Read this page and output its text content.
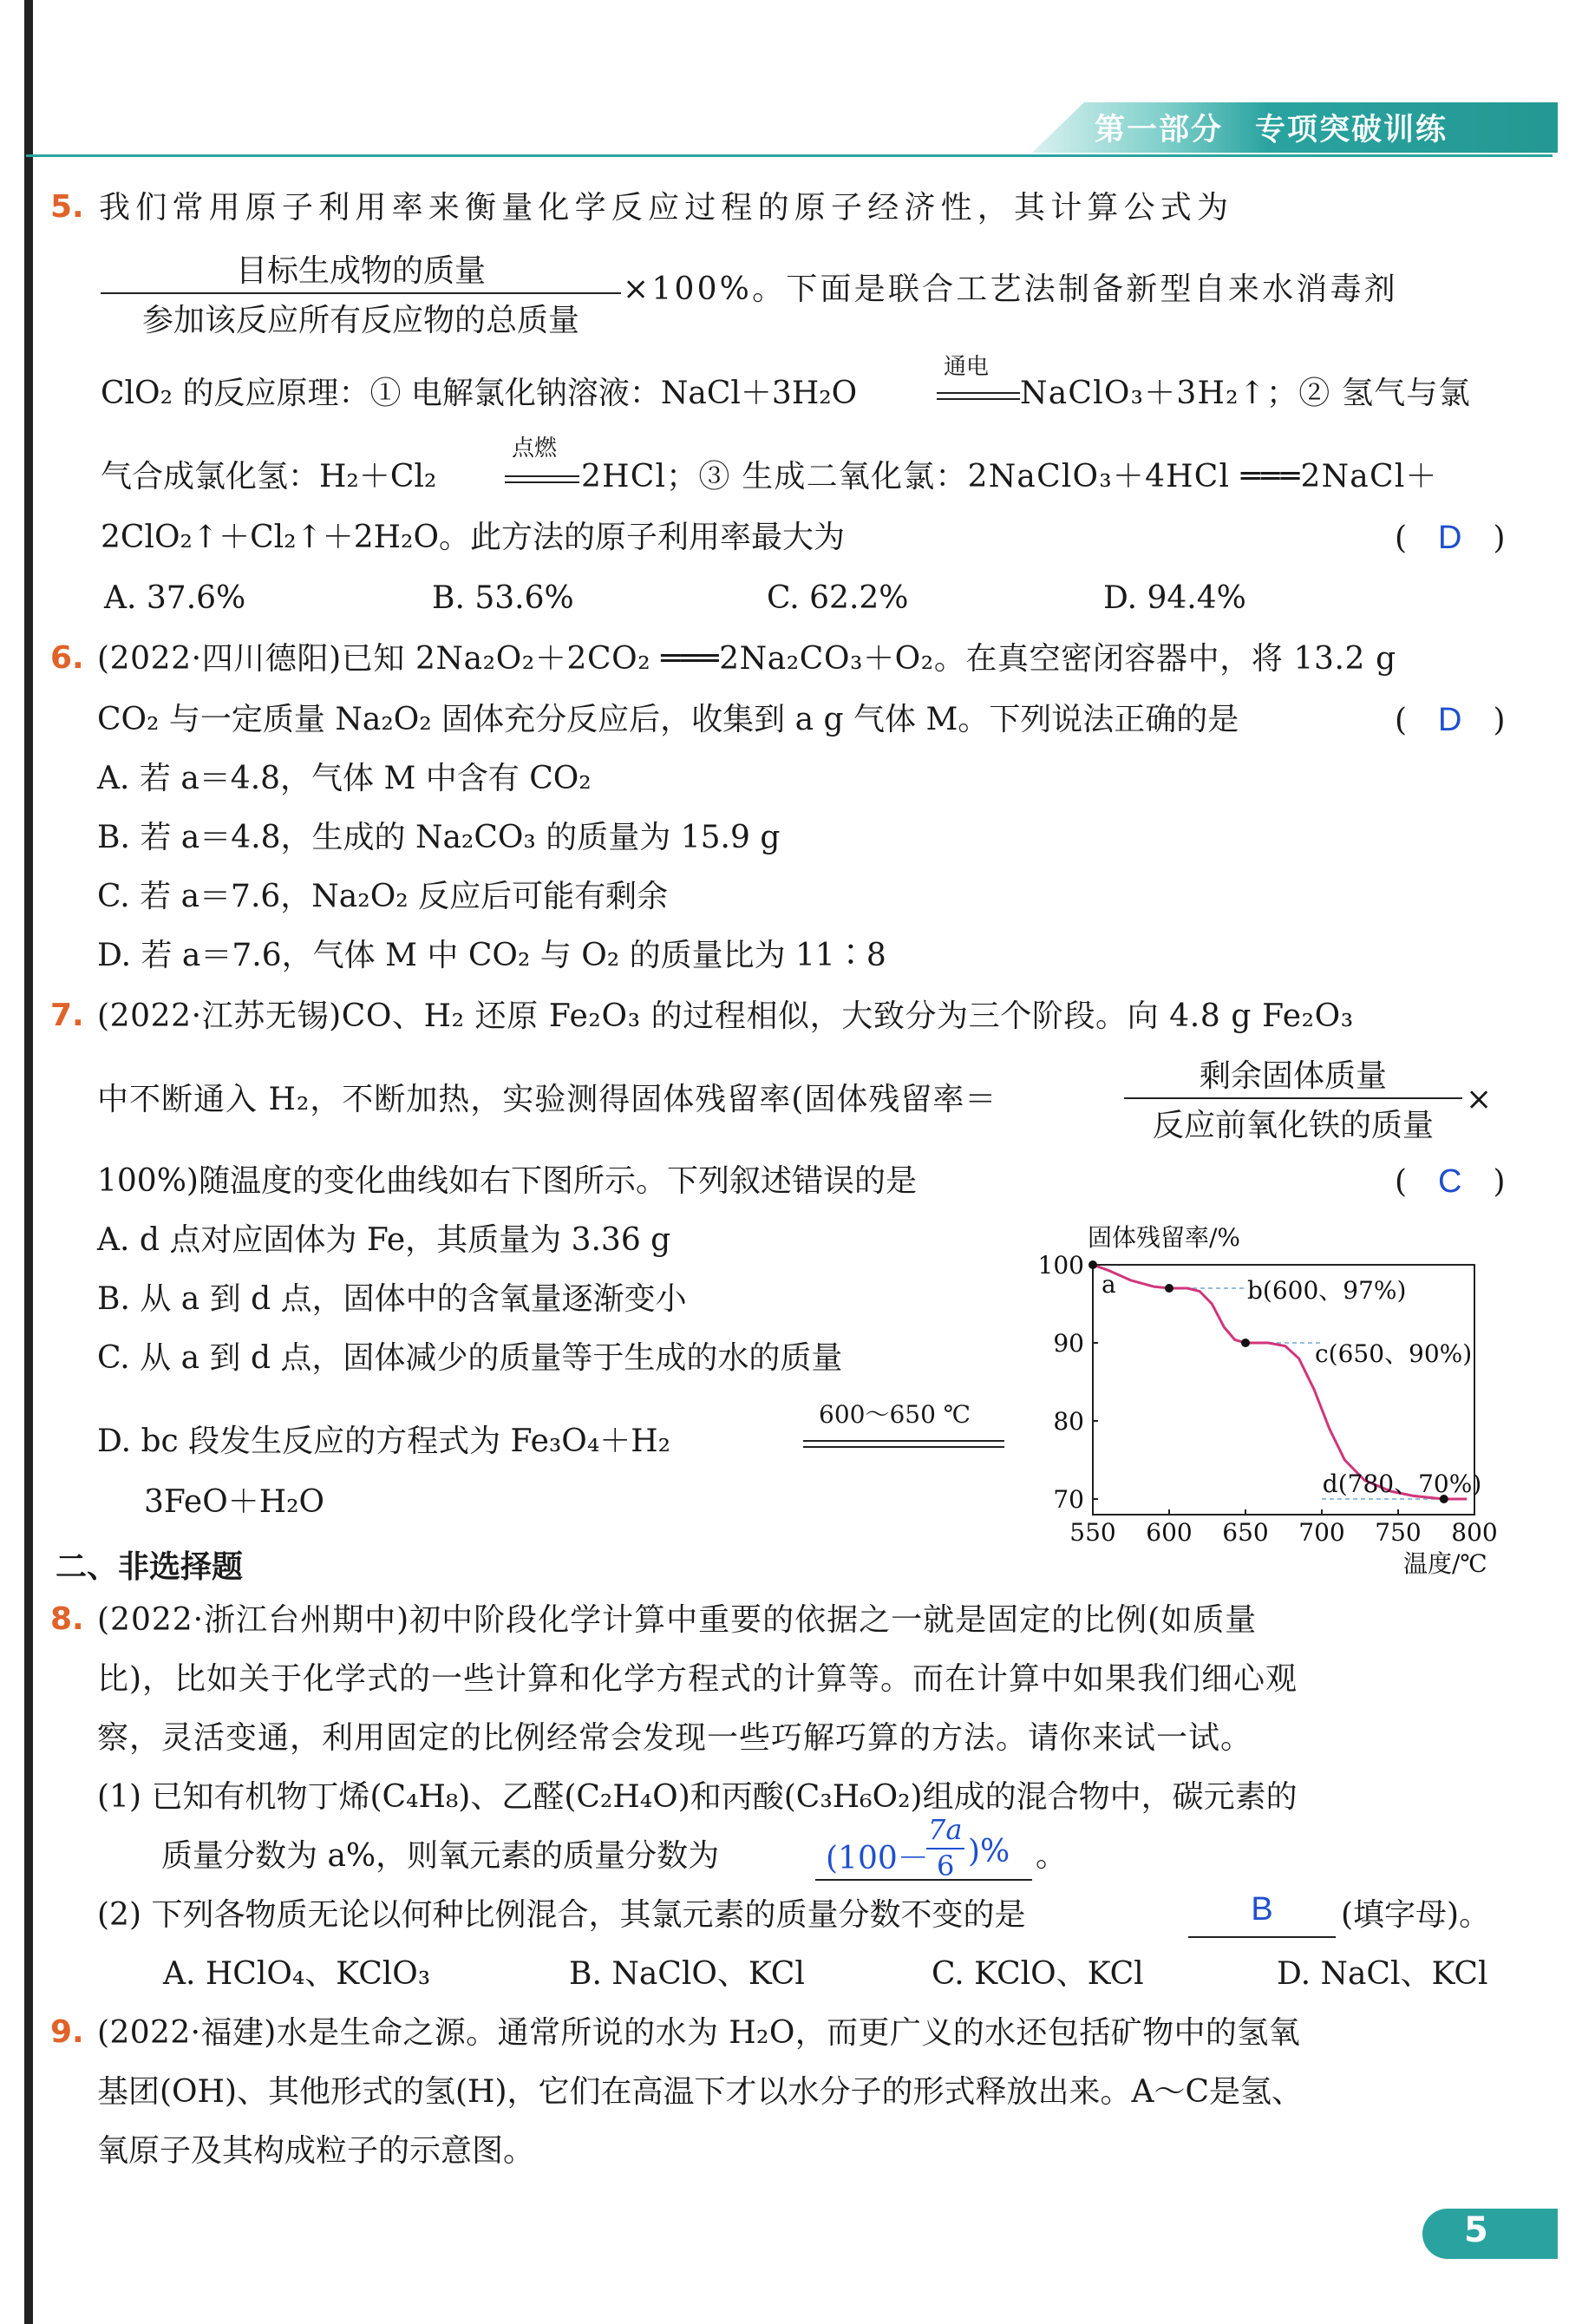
第一部分　专项突破训练
5. 我们常用原子利用率来衡量化学反应过程的原子经济性，其计算公式为
目标生成物的质量
参加该反应所有反应物的总质量
×100%。下面是联合工艺法制备新型自来水消毒剂
ClO₂ 的反应原理：① 电解氯化钠溶液：NaCl＋3H₂O
通电
NaClO₃＋3H₂↑；② 氢气与氯
气合成氯化氢：H₂＋Cl₂
点燃
2HCl；③ 生成二氧化氯：2NaClO₃＋4HCl ═══2NaCl＋
2ClO₂↑＋Cl₂↑＋2H₂O。此方法的原子利用率最大为	(　D　)
A. 37.6%	B. 53.6%	C. 62.2%	D. 94.4%
6. (2022·四川德阳)已知 2Na₂O₂＋2CO₂ ═══2Na₂CO₃＋O₂。在真空密闭容器中，将 13.2 g
CO₂ 与一定质量 Na₂O₂ 固体充分反应后，收集到 a g 气体 M。下列说法正确的是	(　D　)
A. 若 a＝4.8，气体 M 中含有 CO₂
B. 若 a＝4.8，生成的 Na₂CO₃ 的质量为 15.9 g
C. 若 a＝7.6，Na₂O₂ 反应后可能有剩余
D. 若 a＝7.6，气体 M 中 CO₂ 与 O₂ 的质量比为 11∶8
7. (2022·江苏无锡)CO、H₂ 还原 Fe₂O₃ 的过程相似，大致分为三个阶段。向 4.8 g Fe₂O₃
中不断通入 H₂，不断加热，实验测得固体残留率(固体残留率＝
剩余固体质量
反应前氧化铁的质量
×
100%)随温度的变化曲线如右下图所示。下列叙述错误的是	(　C　)
A. d 点对应固体为 Fe，其质量为 3.36 g
B. 从 a 到 d 点，固体中的含氧量逐渐变小
C. 从 a 到 d 点，固体减少的质量等于生成的水的质量
D. bc 段发生反应的方程式为 Fe₃O₄＋H₂
600～650 ℃
3FeO＋H₂O
固体残留率/%
温度/℃
550 600 650 700 750 800
70
80
90
100
a	b(600、97%)
c(650、90%)
d(780、70%)
二、非选择题
8. (2022·浙江台州期中)初中阶段化学计算中重要的依据之一就是固定的比例(如质量
比)，比如关于化学式的一些计算和化学方程式的计算等。而在计算中如果我们细心观
察，灵活变通，利用固定的比例经常会发现一些巧解巧算的方法。请你来试一试。
(1) 已知有机物丁烯(C₄H₈)、乙醛(C₂H₄O)和丙酸(C₃H₆O₂)组成的混合物中，碳元素的
质量分数为 a%，则氧元素的质量分数为	(100－
7a
6 )% 。
(2) 下列各物质无论以何种比例混合，其氯元素的质量分数不变的是	B	(填字母)。
A. HClO₄、KClO₃	B. NaClO、KCl	C. KClO、KCl	D. NaCl、KCl
9. (2022·福建)水是生命之源。通常所说的水为 H₂O，而更广义的水还包括矿物中的氢氧
基团(OH)、其他形式的氢(H)，它们在高温下才以水分子的形式释放出来。A～C是氢、
氧原子及其构成粒子的示意图。
5
